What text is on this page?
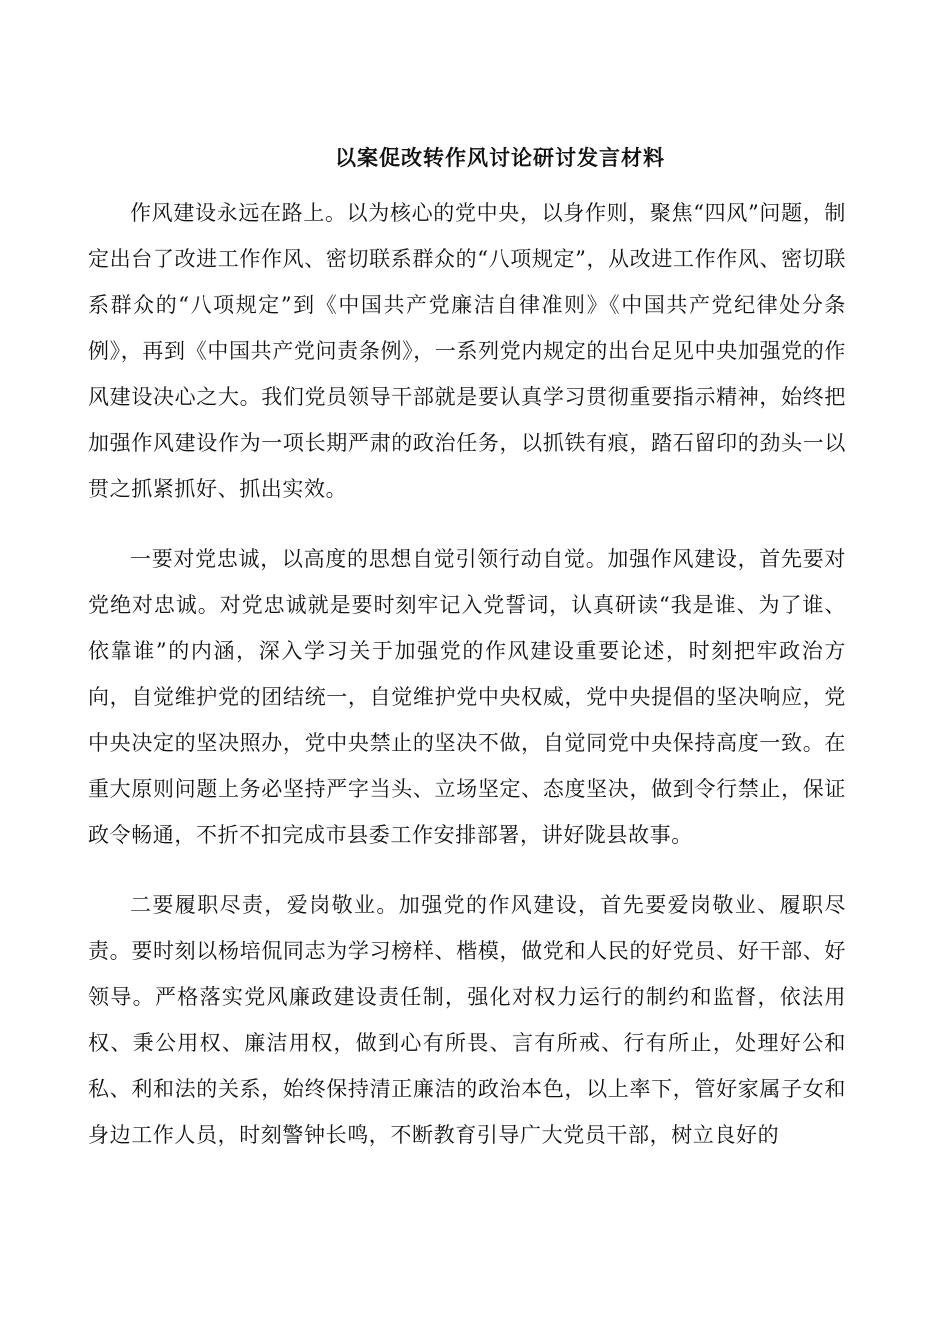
以案促改转作风讨论研讨发言材料

作风建设永远在路上。以为核心的党中央，以身作则，聚焦“四风”问题，制定出台了改进工作作风、密切联系群众的“八项规定”，从改进工作作风、密切联系群众的“八项规定”到《中国共产党廉洁自律准则》《中国共产党纪律处分条例》，再到《中国共产党问责条例》，一系列党内规定的出台足见中央加强党的作风建设决心之大。我们党员领导干部就是要认真学习贯彻重要指示精神，始终把加强作风建设作为一项长期严肃的政治任务，以抓铁有痕，踏石留印的劲头一以贯之抓紧抓好、抓出实效。

一要对党忠诚，以高度的思想自觉引领行动自觉。加强作风建设，首先要对党绝对忠诚。对党忠诚就是要时刻牢记入党誓词，认真研读“我是谁、为了谁、依靠谁”的内涵，深入学习关于加强党的作风建设重要论述，时刻把牢政治方向，自觉维护党的团结统一，自觉维护党中央权威，党中央提倡的坚决响应，党中央决定的坚决照办，党中央禁止的坚决不做，自觉同党中央保持高度一致。在重大原则问题上务必坚持严字当头、立场坚定、态度坚决，做到令行禁止，保证政令畅通，不折不扣完成市县委工作安排部署，讲好陇县故事。

二要履职尽责，爱岗敬业。加强党的作风建设，首先要爱岗敬业、履职尽责。要时刻以杨培侃同志为学习榜样、楷模，做党和人民的好党员、好干部、好领导。严格落实党风廉政建设责任制，强化对权力运行的制约和监督，依法用权、秉公用权、廉洁用权，做到心有所畏、言有所戒、行有所止，处理好公和私、利和法的关系，始终保持清正廉洁的政治本色，以上率下，管好家属子女和身边工作人员，时刻警钟长鸣，不断教育引导广大党员干部，树立良好的
